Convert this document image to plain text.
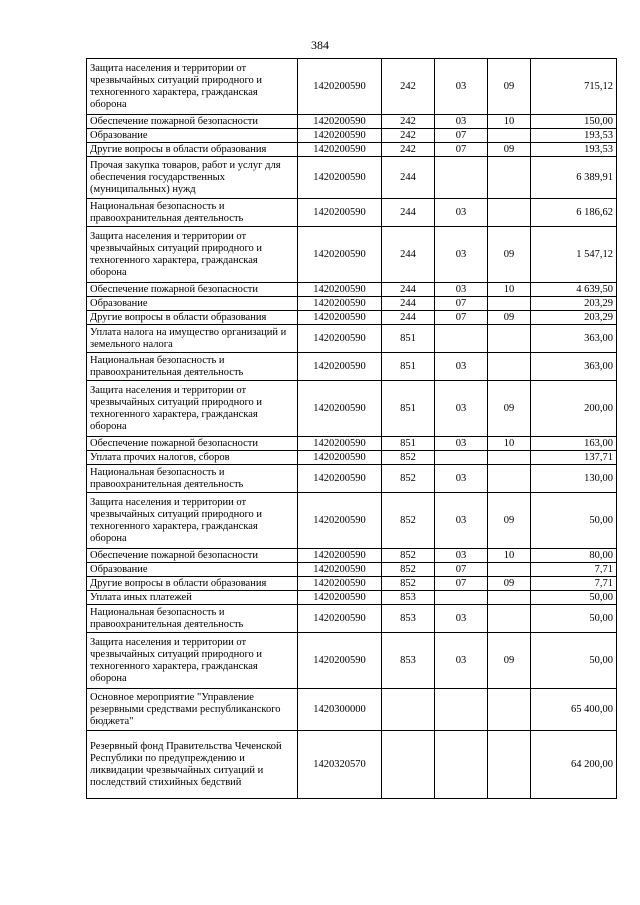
384
Защита населения и территории от чрезвычайных ситуаций природного и техногенного характера, гражданская оборона	1420200590	242	03	09	715,12
Обеспечение пожарной безопасности	1420200590	242	03	10	150,00
Образование	1420200590	242	07		193,53
Другие вопросы в области образования	1420200590	242	07	09	193,53
Прочая закупка товаров, работ и услуг для обеспечения государственных (муниципальных) нужд	1420200590	244			6 389,91
Национальная безопасность и правоохранительная деятельность	1420200590	244	03		6 186,62
Защита населения и территории от чрезвычайных ситуаций природного и техногенного характера, гражданская оборона	1420200590	244	03	09	1 547,12
Обеспечение пожарной безопасности	1420200590	244	03	10	4 639,50
Образование	1420200590	244	07		203,29
Другие вопросы в области образования	1420200590	244	07	09	203,29
Уплата налога на имущество организаций и земельного налога	1420200590	851			363,00
Национальная безопасность и правоохранительная деятельность	1420200590	851	03		363,00
Защита населения и территории от чрезвычайных ситуаций природного и техногенного характера, гражданская оборона	1420200590	851	03	09	200,00
Обеспечение пожарной безопасности	1420200590	851	03	10	163,00
Уплата прочих налогов, сборов	1420200590	852			137,71
Национальная безопасность и правоохранительная деятельность	1420200590	852	03		130,00
Защита населения и территории от чрезвычайных ситуаций природного и техногенного характера, гражданская оборона	1420200590	852	03	09	50,00
Обеспечение пожарной безопасности	1420200590	852	03	10	80,00
Образование	1420200590	852	07		7,71
Другие вопросы в области образования	1420200590	852	07	09	7,71
Уплата иных платежей	1420200590	853			50,00
Национальная безопасность и правоохранительная деятельность	1420200590	853	03		50,00
Защита населения и территории от чрезвычайных ситуаций природного и техногенного характера, гражданская оборона	1420200590	853	03	09	50,00
Основное мероприятие "Управление резервными средствами республиканского бюджета"	1420300000				65 400,00
Резервный фонд Правительства Чеченской Республики по предупреждению и ликвидации чрезвычайных ситуаций и последствий стихийных бедствий	1420320570				64 200,00
